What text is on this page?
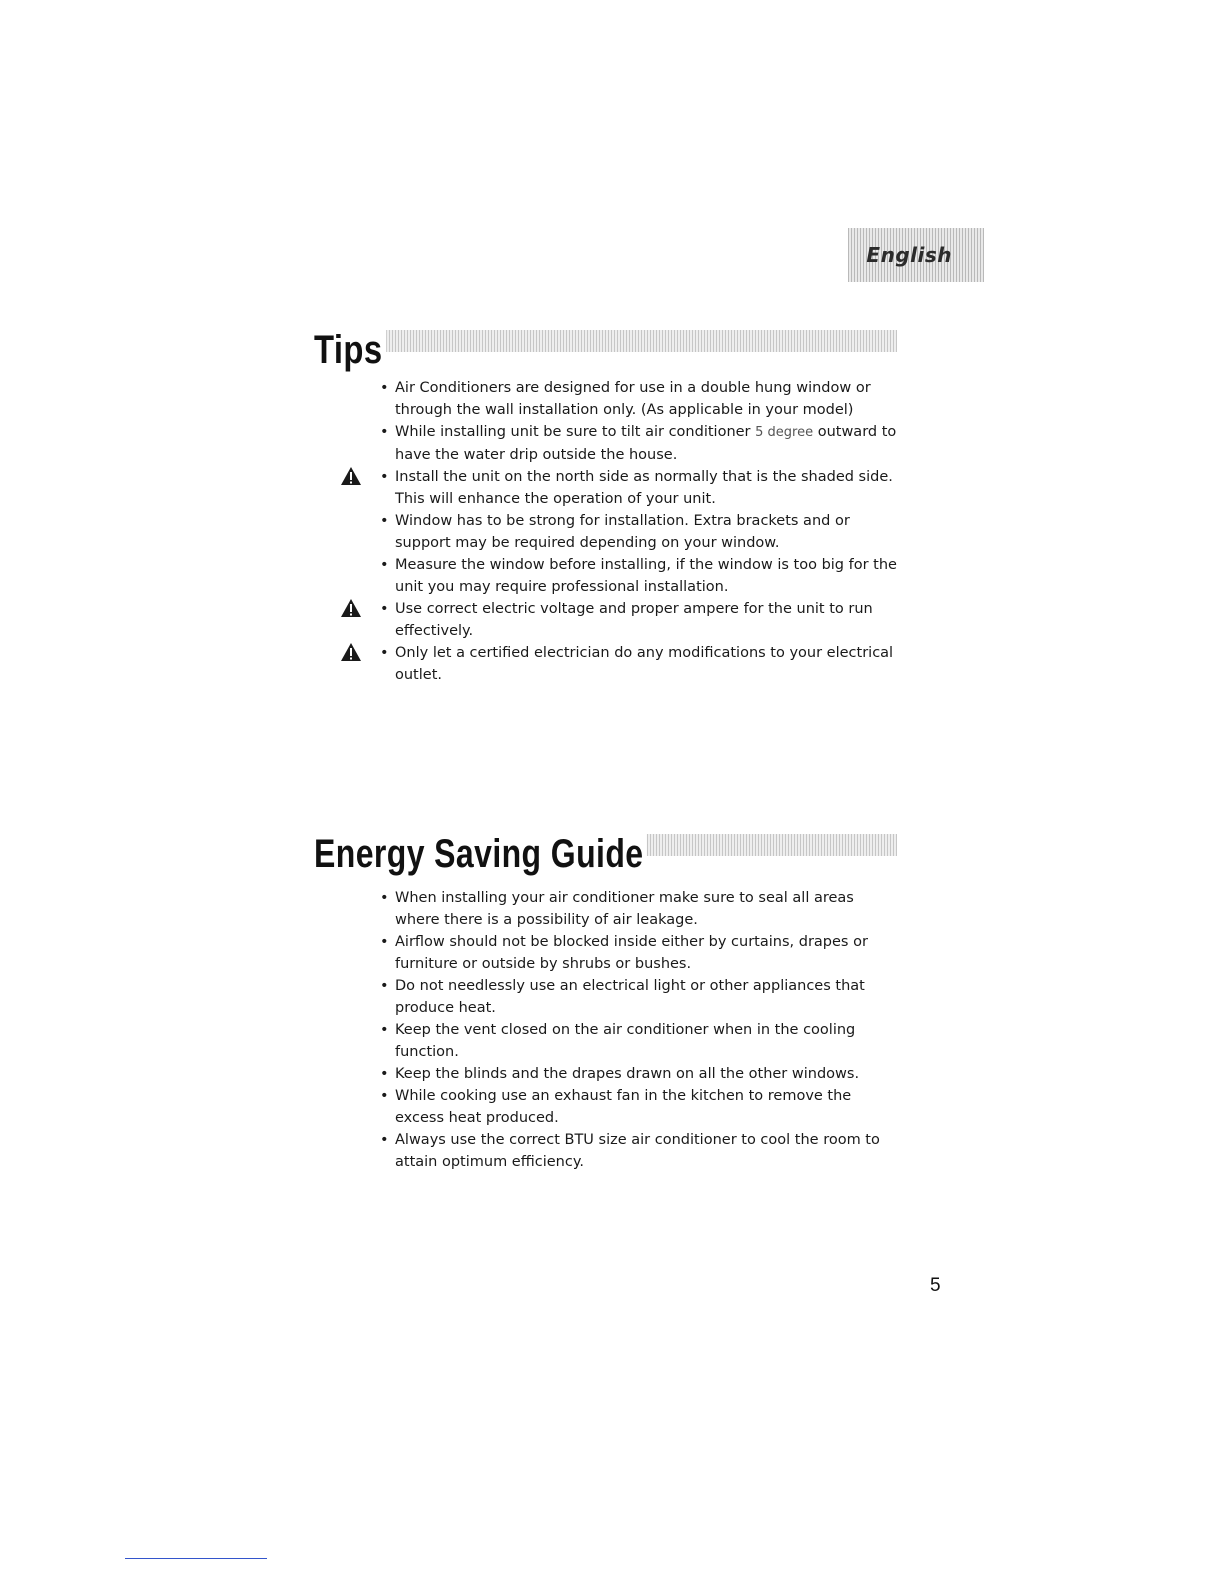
English
Tips
• Air Conditioners are designed for use in a double hung window or through the wall installation only. (As applicable in your model)
• While installing unit be sure to tilt air conditioner 5 degree outward to have the water drip outside the house.
• Install the unit on the north side as normally that is the shaded side. This will enhance the operation of your unit.
• Window has to be strong for installation. Extra brackets and or support may be required depending on your window.
• Measure the window before installing, if the window is too big for the unit you may require professional installation.
• Use correct electric voltage and proper ampere for the unit to run effectively.
• Only let a certified electrician do any modifications to your electrical outlet.
Energy Saving Guide
• When installing your air conditioner make sure to seal all areas where there is a possibility of air leakage.
• Airflow should not be blocked inside either by curtains, drapes or furniture or outside by shrubs or bushes.
• Do not needlessly use an electrical light or other appliances that produce heat.
• Keep the vent closed on the air conditioner when in the cooling function.
• Keep the blinds and the drapes drawn on all the other windows.
• While cooking use an exhaust fan in the kitchen to remove the excess heat produced.
• Always use the correct BTU size air conditioner to cool the room to attain optimum efficiency.
5
